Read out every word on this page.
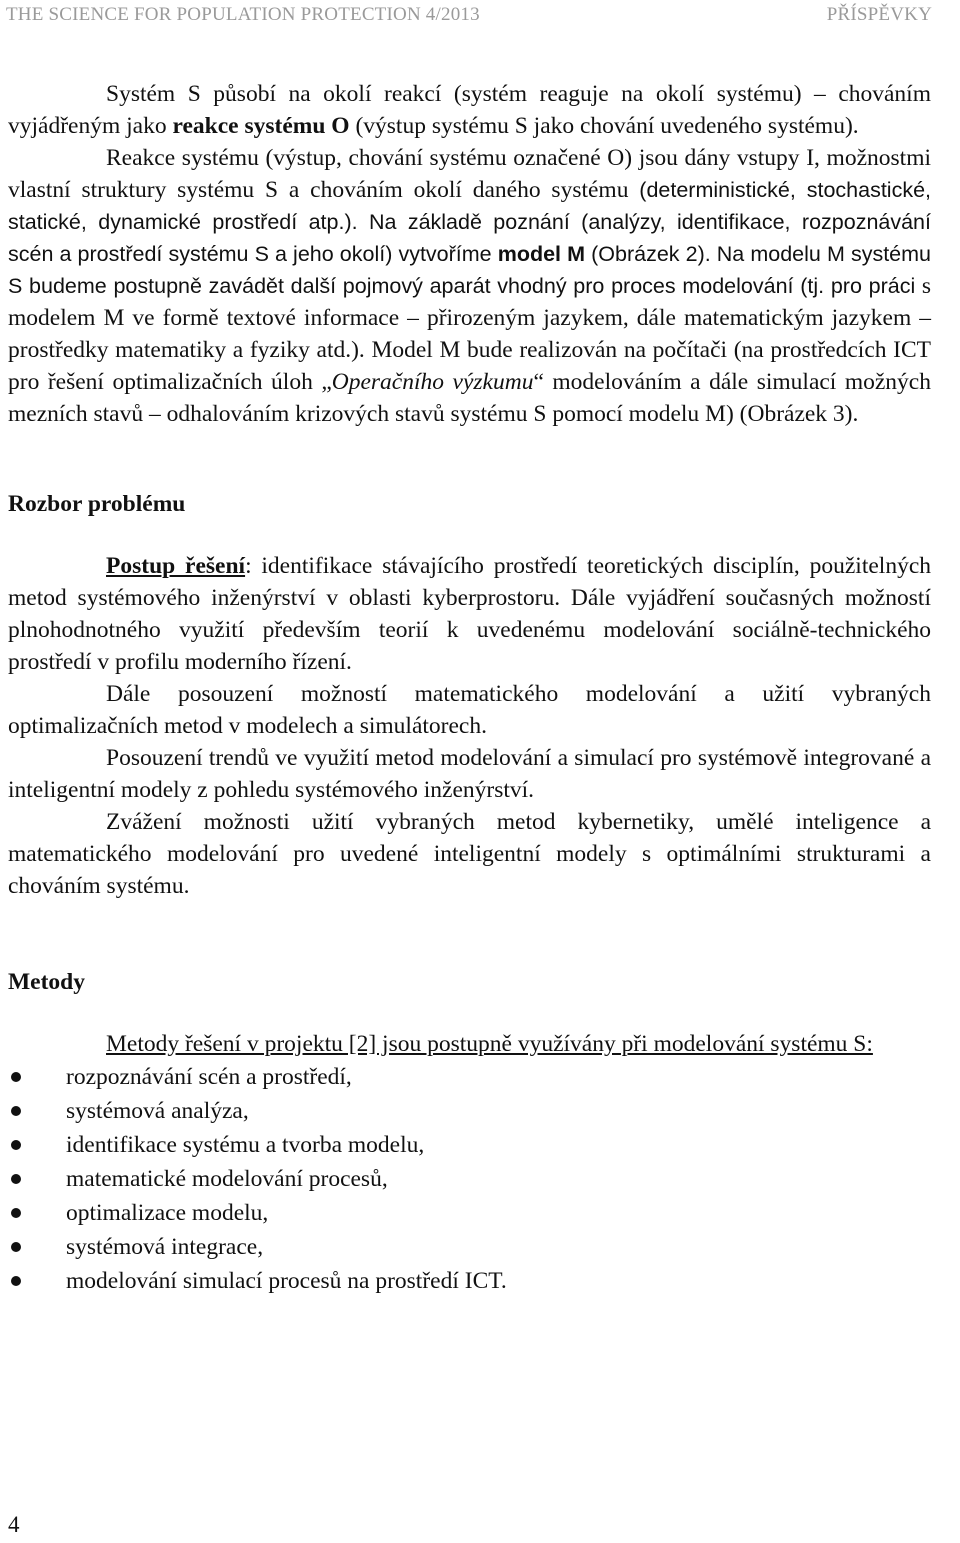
THE SCIENCE FOR POPULATION PROTECTION 4/2013	PŘÍSPĚVKY

Systém S působí na okolí reakcí (systém reaguje na okolí systému) – chováním vyjádřeným jako reakce systému O (výstup systému S jako chování uvedeného systému).

Reakce systému (výstup, chování systému označené O) jsou dány vstupy I, možnostmi vlastní struktury systému S a chováním okolí daného systému (deterministické, stochastické, statické, dynamické prostředí atp.). Na základě poznání (analýzy, identifikace, rozpoznávání scén a prostředí systému S a jeho okolí) vytvoříme model M (Obrázek 2). Na modelu M systému S budeme postupně zavádět další pojmový aparát vhodný pro proces modelování (tj. pro práci s modelem M ve formě textové informace – přirozeným jazykem, dále matematickým jazykem – prostředky matematiky a fyziky atd.). Model M bude realizován na počítači (na prostředcích ICT pro řešení optimalizačních úloh „Operačního výzkumu“ modelováním a dále simulací možných mezních stavů – odhalováním krizových stavů systému S pomocí modelu M) (Obrázek 3).

Rozbor problému

Postup řešení: identifikace stávajícího prostředí teoretických disciplín, použitelných metod systémového inženýrství v oblasti kyberprostoru. Dále vyjádření současných možností plnohodnotného využití především teorií k uvedenému modelování sociálně-technického prostředí v profilu moderního řízení.

Dále posouzení možností matematického modelování a užití vybraných optimalizačních metod v modelech a simulátorech.

Posouzení trendů ve využití metod modelování a simulací pro systémově integrované a inteligentní modely z pohledu systémového inženýrství.

Zvážení možnosti užití vybraných metod kybernetiky, umělé inteligence a matematického modelování pro uvedené inteligentní modely s optimálními strukturami a chováním systému.

Metody

Metody řešení v projektu [2] jsou postupně využívány při modelování systému S:

rozpoznávání scén a prostředí,
systémová analýza,
identifikace systému a tvorba modelu,
matematické modelování procesů,
optimalizace modelu,
systémová integrace,
modelování simulací procesů na prostředí ICT.
4
